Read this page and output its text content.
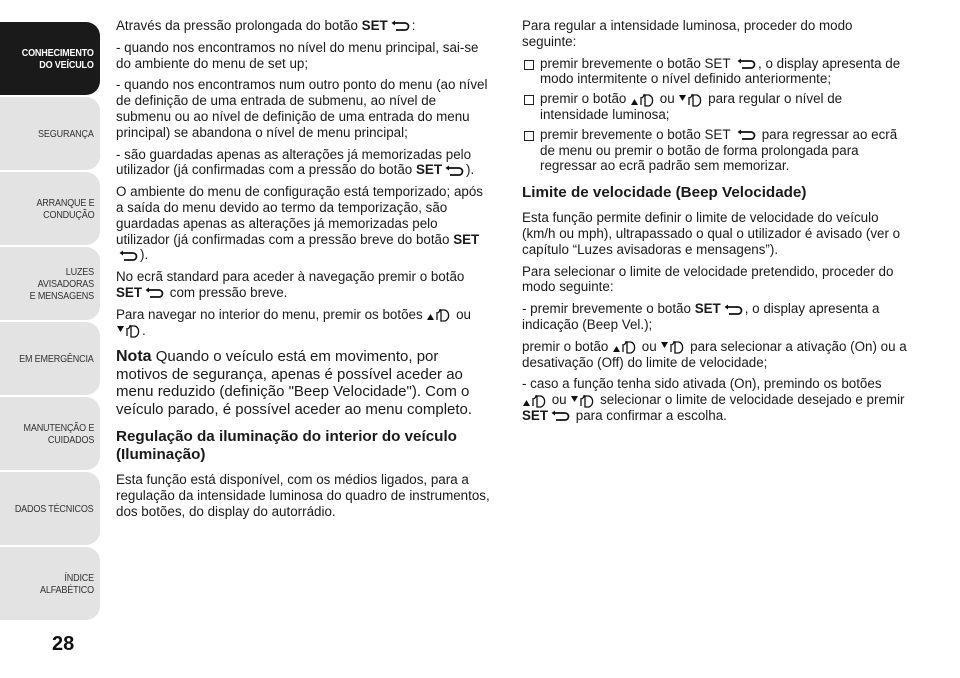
CONHECIMENTO
DO VEÍCULO
SEGURANÇA
ARRANQUE E
CONDUÇÃO
LUZES AVISADORAS
E MENSAGENS
EM EMERGÊNCIA
MANUTENÇÃO E
CUIDADOS
DADOS TÉCNICOS
ÍNDICE ALFABÉTICO
28

Através da pressão prolongada do botão SET :

- quando nos encontramos no nível do menu principal, sai-se do ambiente do menu de set up;

- quando nos encontramos num outro ponto do menu (ao nível de definição de uma entrada de submenu, ao nível de submenu ou ao nível de definição de uma entrada do menu principal) se abandona o nível de menu principal;

- são guardadas apenas as alterações já memorizadas pelo utilizador (já confirmadas com a pressão do botão SET ).

O ambiente do menu de configuração está temporizado; após a saída do menu devido ao termo da temporização, são guardadas apenas as alterações já memorizadas pelo utilizador (já confirmadas com a pressão breve do botão SET).

No ecrã standard para aceder à navegação premir o botão SET com pressão breve.

Para navegar no interior do menu, premir os botões  ou .

Nota Quando o veículo está em movimento, por motivos de segurança, apenas é possível aceder ao menu reduzido (definição "Beep Velocidade"). Com o veículo parado, é possível aceder ao menu completo.

Regulação da iluminação do interior do veículo (Iluminação)

Esta função está disponível, com os médios ligados, para a regulação da intensidade luminosa do quadro de instrumentos, dos botões, do display do autorrádio.

Para regular a intensidade luminosa, proceder do modo seguinte:

premir brevemente o botão SET , o display apresenta de modo intermitente o nível definido anteriormente;

premir o botão  ou  para regular o nível de intensidade luminosa;

premir brevemente o botão SET  para regressar ao ecrã de menu ou premir o botão de forma prolongada para regressar ao ecrã padrão sem memorizar.

Limite de velocidade (Beep Velocidade)

Esta função permite definir o limite de velocidade do veículo (km/h ou mph), ultrapassado o qual o utilizador é avisado (ver o capítulo “Luzes avisadoras e mensagens”).

Para selecionar o limite de velocidade pretendido, proceder do modo seguinte:

- premir brevemente o botão SET , o display apresenta a indicação (Beep Vel.);

premir o botão  ou  para selecionar a ativação (On) ou a desativação (Off) do limite de velocidade;

- caso a função tenha sido ativada (On), premindo os botões  ou  selecionar o limite de velocidade desejado e premir SET para confirmar a escolha.
